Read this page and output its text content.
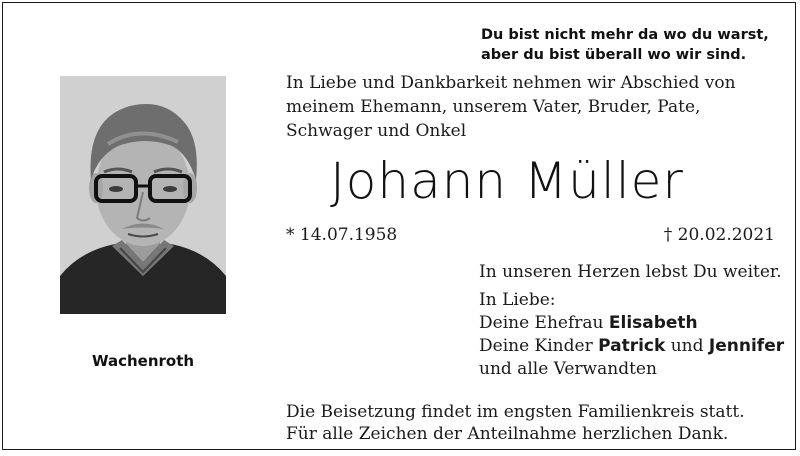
Du bist nicht mehr da wo du warst,
aber du bist überall wo wir sind.
Wachenroth
In Liebe und Dankbarkeit nehmen wir Abschied von
meinem Ehemann, unserem Vater, Bruder, Pate,
Schwager und Onkel
Johann Müller
* 14.07.1958	† 20.02.2021
In unseren Herzen lebst Du weiter.
In Liebe:
Deine Ehefrau Elisabeth
Deine Kinder Patrick und Jennifer
und alle Verwandten
Die Beisetzung findet im engsten Familienkreis statt.
Für alle Zeichen der Anteilnahme herzlichen Dank.
